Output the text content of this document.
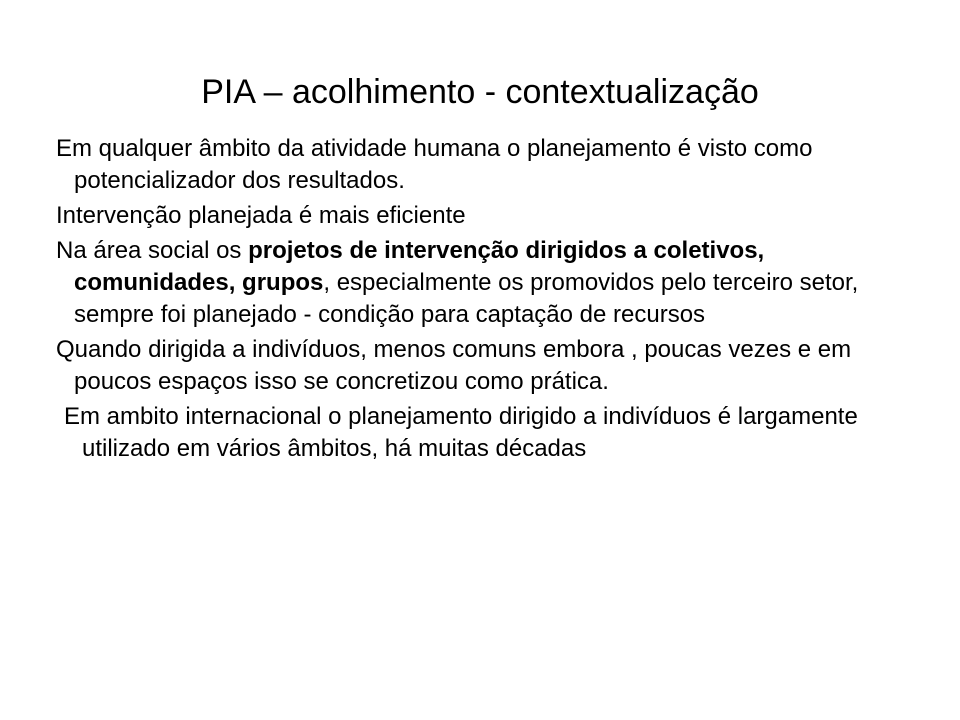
PIA – acolhimento - contextualização

Em qualquer âmbito da atividade humana o planejamento é visto como potencializador dos resultados.

Intervenção planejada é mais eficiente

Na área social os projetos de intervenção dirigidos a coletivos, comunidades, grupos, especialmente os promovidos pelo terceiro setor, sempre foi planejado - condição para captação de recursos

Quando dirigida a indivíduos, menos comuns embora , poucas vezes e em poucos espaços isso se concretizou como prática.

Em ambito internacional o planejamento dirigido a indivíduos é largamente utilizado em vários âmbitos, há muitas décadas
